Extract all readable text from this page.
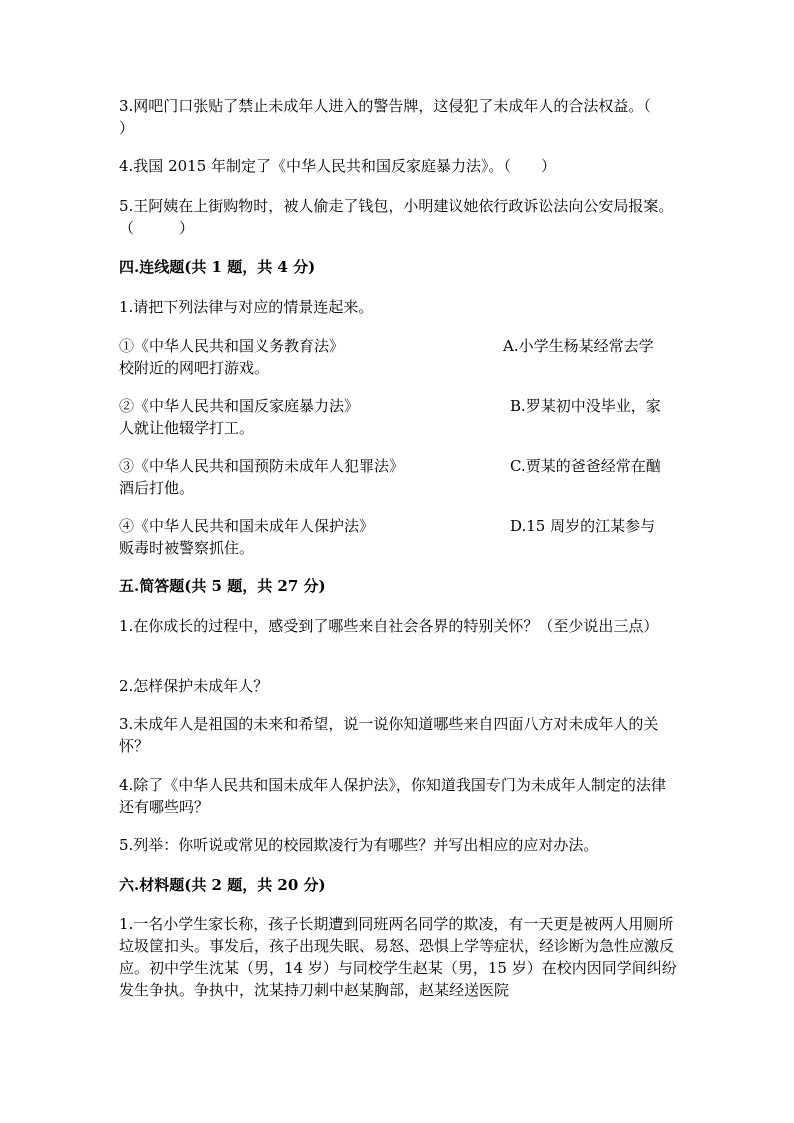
3.网吧门口张贴了禁止未成年人进入的警告牌，这侵犯了未成年人的合法权益。（　　　）
4.我国 2015 年制定了《中华人民共和国反家庭暴力法》。（　　）
5.王阿姨在上街购物时，被人偷走了钱包，小明建议她依行政诉讼法向公安局报案。（　　　）
四.连线题(共 1 题，共 4 分)
1.请把下列法律与对应的情景连起来。
①《中华人民共和国义务教育法》	A.小学生杨某经常去学
校附近的网吧打游戏。
②《中华人民共和国反家庭暴力法》	B.罗某初中没毕业，家
人就让他辍学打工。
③《中华人民共和国预防未成年人犯罪法》	C.贾某的爸爸经常在酗
酒后打他。
④《中华人民共和国未成年人保护法》	D.15 周岁的江某参与
贩毒时被警察抓住。
五.简答题(共 5 题，共 27 分)
1.在你成长的过程中，感受到了哪些来自社会各界的特别关怀？（至少说出三点）
2.怎样保护未成年人？
3.未成年人是祖国的未来和希望，说一说你知道哪些来自四面八方对未成年人的关怀？
4.除了《中华人民共和国未成年人保护法》，你知道我国专门为未成年人制定的法律还有哪些吗？
5.列举：你听说或常见的校园欺凌行为有哪些？并写出相应的应对办法。
六.材料题(共 2 题，共 20 分)
1.一名小学生家长称，孩子长期遭到同班两名同学的欺凌，有一天更是被两人用厕所垃圾筐扣头。事发后，孩子出现失眠、易怒、恐惧上学等症状，经诊断为急性应激反应。初中学生沈某（男，14 岁）与同校学生赵某（男，15 岁）在校内因同学间纠纷发生争执。争执中，沈某持刀刺中赵某胸部，赵某经送医院
